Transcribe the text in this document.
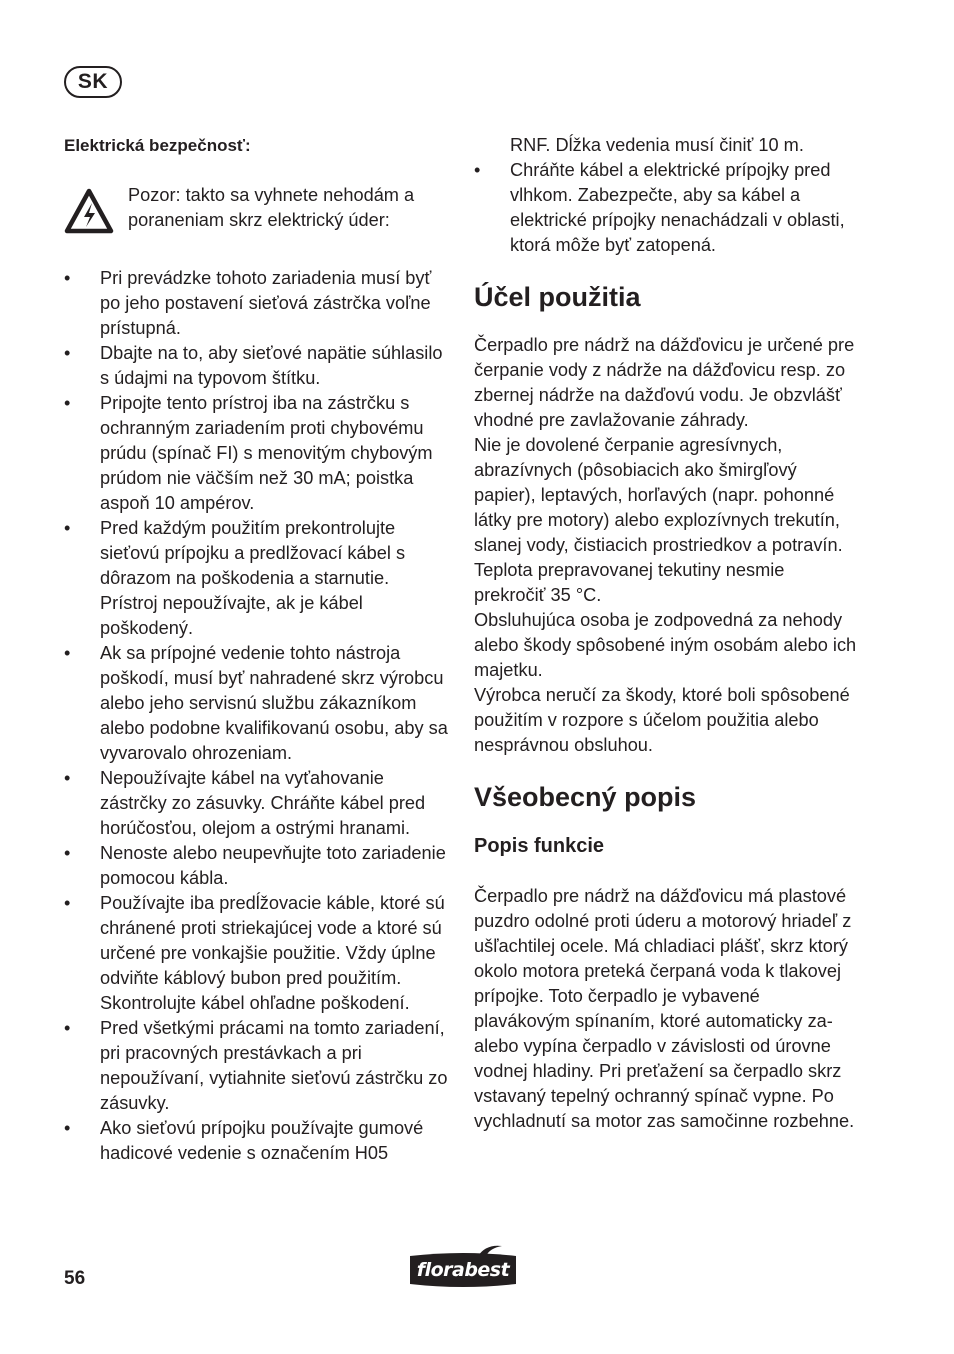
SK

Elektrická bezpečnosť:

Pozor: takto sa vyhnete nehodám a poraneniam skrz elektrický úder:
• Pri prevádzke tohoto zariadenia musí byť po jeho postavení sieťová zástrčka voľne prístupná.
• Dbajte na to, aby sieťové napätie súhlasilo s údajmi na typovom štítku.
• Pripojte tento prístroj iba na zástrčku s ochranným zariadením proti chybovému prúdu (spínač FI) s menovitým chybovým prúdom nie väčším než 30 mA; poistka aspoň 10 ampérov.
• Pred každým použitím prekontrolujte sieťovú prípojku a predlžovací kábel s dôrazom na poškodenia a starnutie. Prístroj nepoužívajte, ak je kábel poškodený.
• Ak sa prípojné vedenie tohto nástroja poškodí, musí byť nahradené skrz výrobcu alebo jeho servisnú službu zákazníkom alebo podobne kvalifikovanú osobu, aby sa vyvarovalo ohrozeniam.
• Nepoužívajte kábel na vyťahovanie zástrčky zo zásuvky. Chráňte kábel pred horúčosťou, olejom a ostrými hranami.
• Nenoste alebo neupevňujte toto zariadenie pomocou kábla.
• Používajte iba predĺžovacie káble, ktoré sú chránené proti striekajúcej vode a ktoré sú určené pre vonkajšie použitie. Vždy úplne odviňte káblový bubon pred použitím. Skontrolujte kábel ohľadne poškodení.
• Pred všetkými prácami na tomto zariadení, pri pracovných prestávkach a pri nepoužívaní, vytiahnite sieťovú zástrčku zo zásuvky.
• Ako sieťovú prípojku používajte gumové hadicové vedenie s označením H05
RNF. Dĺžka vedenia musí činiť 10 m.
• Chráňte kábel a elektrické prípojky pred vlhkom. Zabezpečte, aby sa kábel a elektrické prípojky nenachádzali v oblasti, ktorá môže byť zatopená.
Účel použitia

Čerpadlo pre nádrž na dážďovicu je určené pre čerpanie vody z nádrže na dážďovicu resp. zo zbernej nádrže na dažďovú vodu. Je obzvlášť vhodné pre zavlažovanie záhrady.

Nie je dovolené čerpanie agresívnych, abrazívnych (pôsobiacich ako šmirgľový papier), leptavých, horľavých (napr. pohonné látky pre motory) alebo explozívnych trekutín, slanej vody, čistiacich prostriedkov a potravín. Teplota prepravovanej tekutiny nesmie prekročiť 35 °C.

Obsluhujúca osoba je zodpovedná za nehody alebo škody spôsobené iným osobám alebo ich majetku.

Výrobca neručí za škody, ktoré boli spôsobené použitím v rozpore s účelom použitia alebo nesprávnou obsluhou.

Všeobecný popis
Popis funkcie

Čerpadlo pre nádrž na dážďovicu má plastové puzdro odolné proti úderu a motorový hriadeľ z ušľachtilej ocele. Má chladiaci plášť, skrz ktorý okolo motora preteká čerpaná voda k tlakovej prípojke. Toto čerpadlo je vybavené plavákovým spínaním, ktoré automaticky za- alebo vypína čerpadlo v závislosti od úrovne vodnej hladiny. Pri preťažení sa čerpadlo skrz vstavaný tepelný ochranný spínač vypne. Po vychladnutí sa motor zas samočinne rozbehne.

56	florabest
